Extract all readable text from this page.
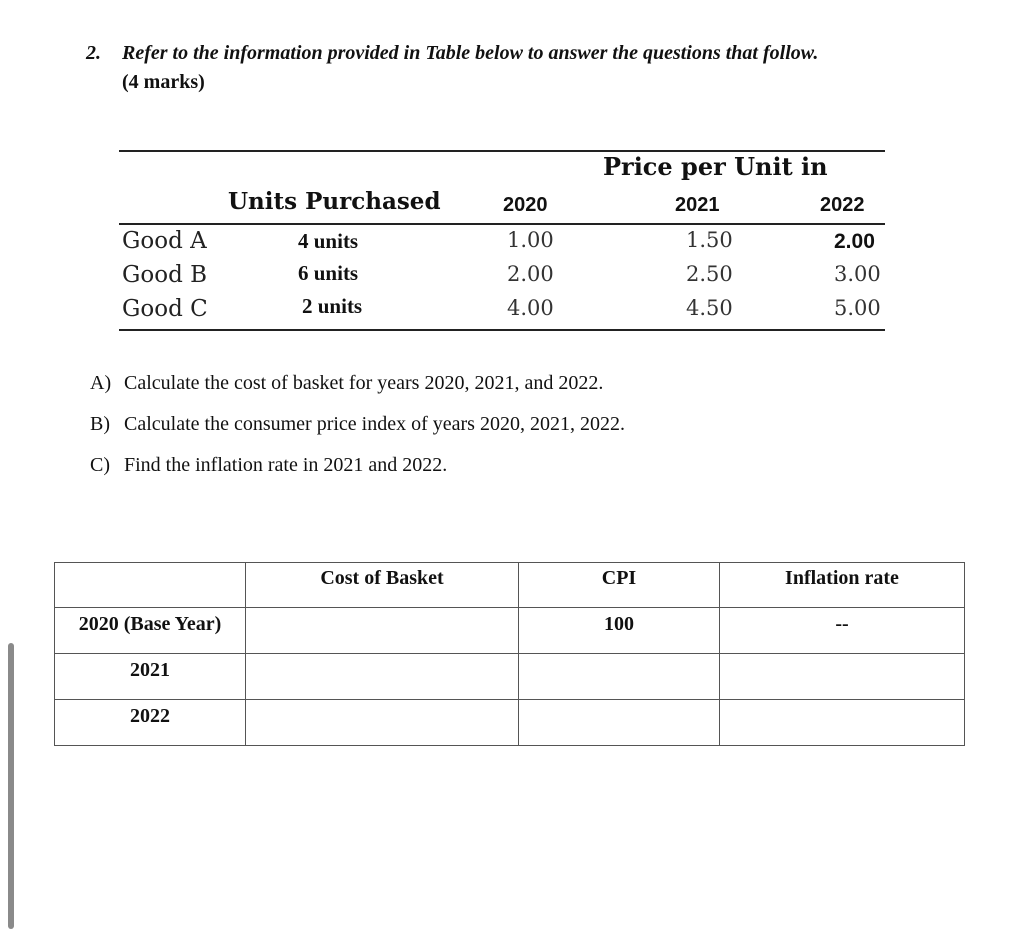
2. Refer to the information provided in Table below to answer the questions that follow.
(4 marks)
Price per Unit in
Units Purchased	2020	2021	2022
Good A	4 units	1.00	1.50	2.00
Good B	6 units	2.00	2.50	3.00
Good C	2 units	4.00	4.50	5.00
A) Calculate the cost of basket for years 2020, 2021, and 2022.
B) Calculate the consumer price index of years 2020, 2021, 2022.
C) Find the inflation rate in 2021 and 2022.
	Cost of Basket	CPI	Inflation rate
2020 (Base Year)		100	--
2021			
2022			
